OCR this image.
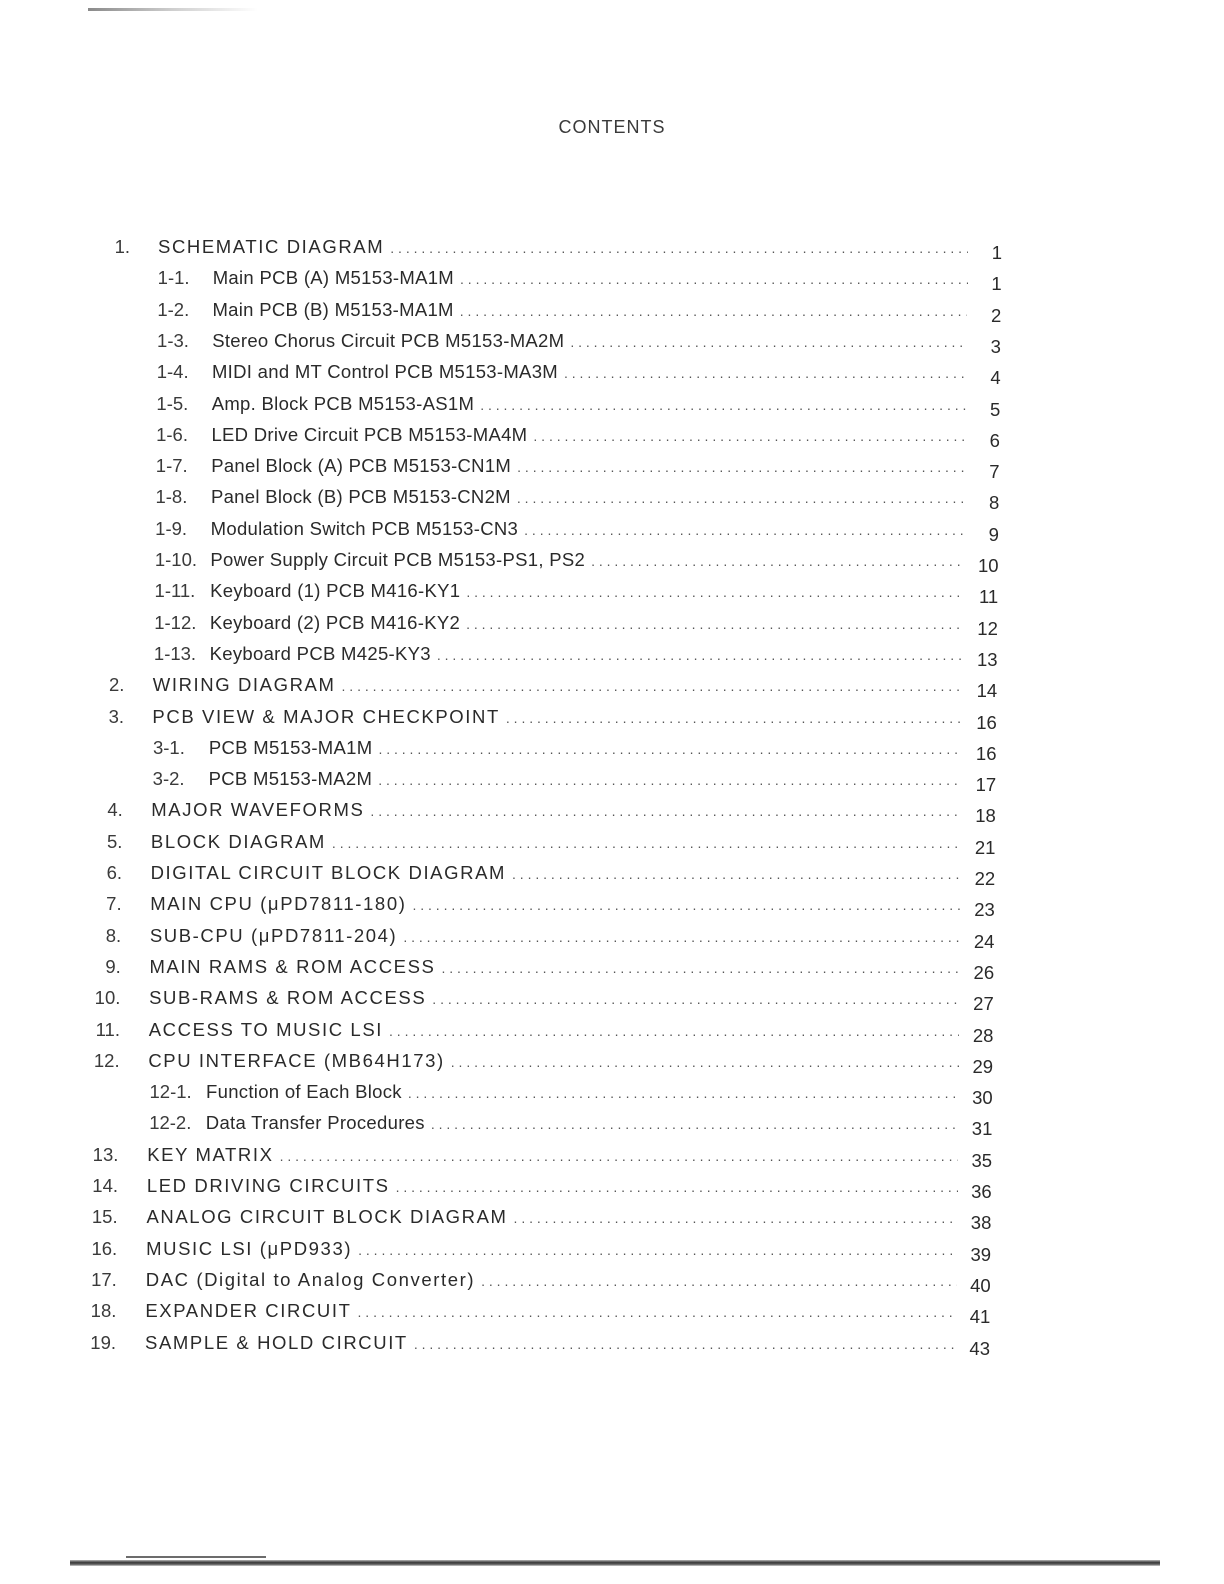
CONTENTS
1. SCHEMATIC DIAGRAM . . .	1
1-1.	Main PCB (A) M5153-MA1M . . .	1
1-2.	Main PCB (B) M5153-MA1M . . .	2
1-3.	Stereo Chorus Circuit PCB M5153-MA2M . . .	3
1-4.	MIDI and MT Control PCB M5153-MA3M . . .	4
1-5.	Amp. Block PCB M5153-AS1M . . .	5
1-6.	LED Drive Circuit PCB M5153-MA4M . . .	6
1-7.	Panel Block (A) PCB M5153-CN1M . . .	7
1-8.	Panel Block (B) PCB M5153-CN2M . . .	8
1-9.	Modulation Switch PCB M5153-CN3 . . .	9
1-10. Power Supply Circuit PCB M5153-PS1, PS2 . . .	10
1-11. Keyboard (1) PCB M416-KY1 . . .	11
1-12. Keyboard (2) PCB M416-KY2 . . .	12
1-13. Keyboard PCB M425-KY3 . . .	13
2. WIRING DIAGRAM . . .	14
3. PCB VIEW & MAJOR CHECKPOINT . . .	16
3-1.	PCB M5153-MA1M . . .	16
3-2.	PCB M5153-MA2M . . .	17
4. MAJOR WAVEFORMS . . .	18
5. BLOCK DIAGRAM . . .	21
6. DIGITAL CIRCUIT BLOCK DIAGRAM . . .	22
7. MAIN CPU (μPD7811-180) . . .	23
8. SUB-CPU (μPD7811-204) . . .	24
9. MAIN RAMS & ROM ACCESS . . .	26
10. SUB-RAMS & ROM ACCESS . . .	27
11. ACCESS TO MUSIC LSI . . .	28
12. CPU INTERFACE (MB64H173) . . .	29
12-1. Function of Each Block . . .	30
12-2. Data Transfer Procedures . . .	31
13. KEY MATRIX . . .	35
14. LED DRIVING CIRCUITS . . .	36
15. ANALOG CIRCUIT BLOCK DIAGRAM . . .	38
16. MUSIC LSI (μPD933) . . .	39
17. DAC (Digital to Analog Converter) . . .	40
18. EXPANDER CIRCUIT . . .	41
19. SAMPLE & HOLD CIRCUIT . . .	43
